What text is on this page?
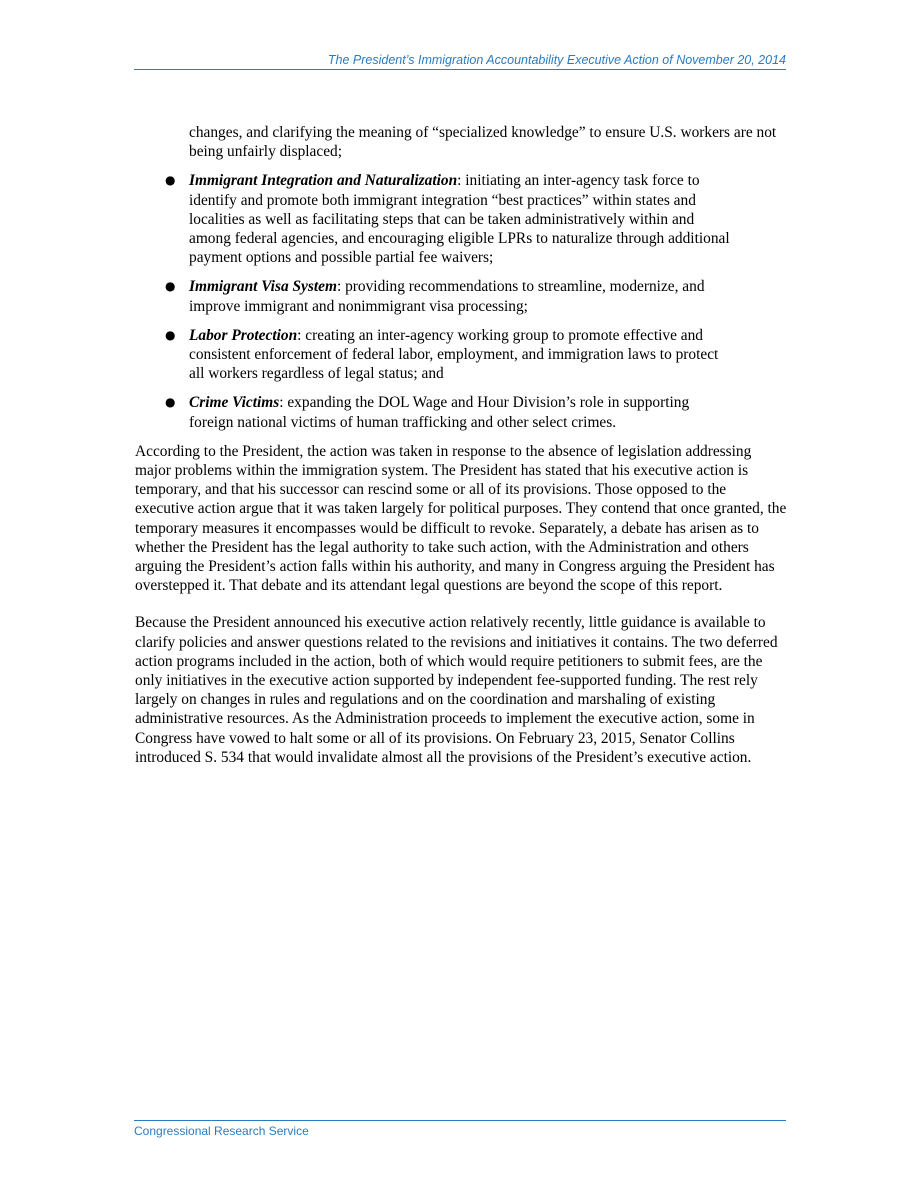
The President’s Immigration Accountability Executive Action of November 20, 2014

changes, and clarifying the meaning of “specialized knowledge” to ensure U.S. workers are not being unfairly displaced;

● Immigrant Integration and Naturalization: initiating an inter-agency task force to identify and promote both immigrant integration “best practices” within states and localities as well as facilitating steps that can be taken administratively within and among federal agencies, and encouraging eligible LPRs to naturalize through additional payment options and possible partial fee waivers;
● Immigrant Visa System: providing recommendations to streamline, modernize, and improve immigrant and nonimmigrant visa processing;
● Labor Protection: creating an inter-agency working group to promote effective and consistent enforcement of federal labor, employment, and immigration laws to protect all workers regardless of legal status; and
● Crime Victims: expanding the DOL Wage and Hour Division’s role in supporting foreign national victims of human trafficking and other select crimes.

According to the President, the action was taken in response to the absence of legislation addressing major problems within the immigration system. The President has stated that his executive action is temporary, and that his successor can rescind some or all of its provisions. Those opposed to the executive action argue that it was taken largely for political purposes. They contend that once granted, the temporary measures it encompasses would be difficult to revoke. Separately, a debate has arisen as to whether the President has the legal authority to take such action, with the Administration and others arguing the President’s action falls within his authority, and many in Congress arguing the President has overstepped it. That debate and its attendant legal questions are beyond the scope of this report.

Because the President announced his executive action relatively recently, little guidance is available to clarify policies and answer questions related to the revisions and initiatives it contains. The two deferred action programs included in the action, both of which would require petitioners to submit fees, are the only initiatives in the executive action supported by independent fee-supported funding. The rest rely largely on changes in rules and regulations and on the coordination and marshaling of existing administrative resources. As the Administration proceeds to implement the executive action, some in Congress have vowed to halt some or all of its provisions. On February 23, 2015, Senator Collins introduced S. 534 that would invalidate almost all the provisions of the President’s executive action.

Congressional Research Service
